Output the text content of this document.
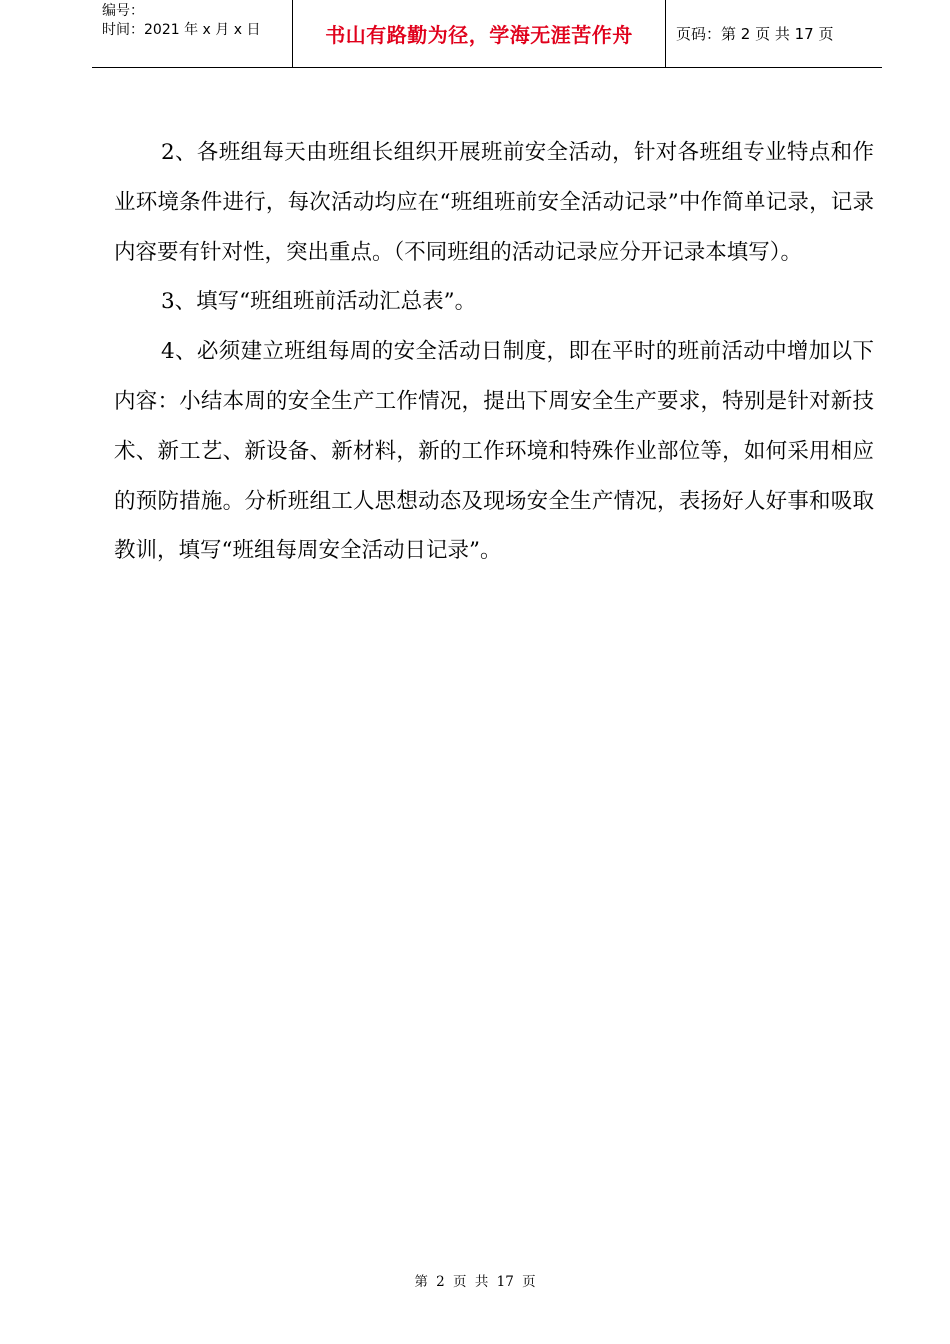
编号：
时间：2021 年 x 月 x 日	书山有路勤为径，学海无涯苦作舟	页码：第 2 页 共 17 页

2、各班组每天由班组长组织开展班前安全活动，针对各班组专业特点和作业环境条件进行，每次活动均应在“班组班前安全活动记录”中作简单记录，记录内容要有针对性，突出重点。（不同班组的活动记录应分开记录本填写）。

3、填写“班组班前活动汇总表”。

4、必须建立班组每周的安全活动日制度，即在平时的班前活动中增加以下内容：小结本周的安全生产工作情况，提出下周安全生产要求，特别是针对新技术、新工艺、新设备、新材料，新的工作环境和特殊作业部位等，如何采用相应的预防措施。分析班组工人思想动态及现场安全生产情况，表扬好人好事和吸取教训，填写“班组每周安全活动日记录”。

第 2 页 共 17 页
